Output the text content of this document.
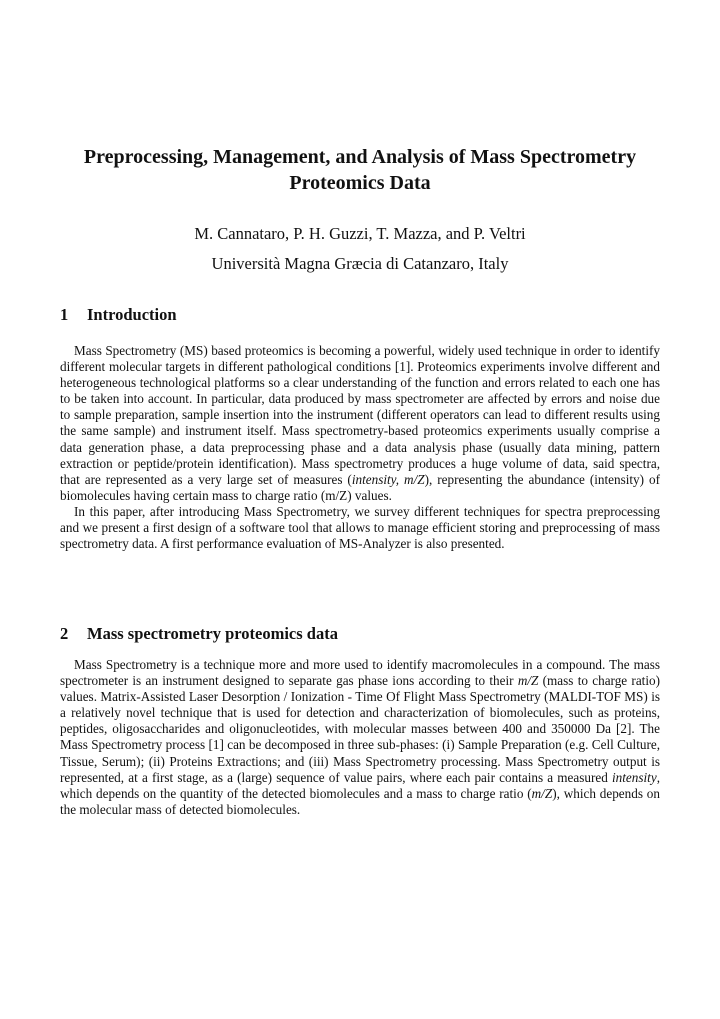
Preprocessing, Management, and Analysis of Mass Spectrometry
Proteomics Data

M. Cannataro, P. H. Guzzi, T. Mazza, and P. Veltri

Università Magna Græcia di Catanzaro, Italy

1 Introduction

Mass Spectrometry (MS) based proteomics is becoming a powerful, widely used technique in order to identify different molecular targets in different pathological conditions [1]. Proteomics experiments involve different and heterogeneous technological platforms so a clear understanding of the function and errors related to each one has to be taken into account. In particular, data produced by mass spectrometer are affected by errors and noise due to sample preparation, sample insertion into the instrument (different operators can lead to different results using the same sample) and instrument itself. Mass spectrometry-based proteomics experiments usually comprise a data generation phase, a data preprocessing phase and a data analysis phase (usually data mining, pattern extraction or peptide/protein identification). Mass spectrometry produces a huge volume of data, said spectra, that are represented as a very large set of measures (intensity, m/Z), representing the abundance (intensity) of biomolecules having certain mass to charge ratio (m/Z) values.

In this paper, after introducing Mass Spectrometry, we survey different techniques for spectra preprocessing and we present a first design of a software tool that allows to manage efficient storing and preprocessing of mass spectrometry data. A first performance evaluation of MS-Analyzer is also presented.

2 Mass spectrometry proteomics data

Mass Spectrometry is a technique more and more used to identify macromolecules in a compound. The mass spectrometer is an instrument designed to separate gas phase ions according to their m/Z (mass to charge ratio) values. Matrix-Assisted Laser Desorption / Ionization - Time Of Flight Mass Spectrometry (MALDI-TOF MS) is a relatively novel technique that is used for detection and characterization of biomolecules, such as proteins, peptides, oligosaccharides and oligonucleotides, with molecular masses between 400 and 350000 Da [2]. The Mass Spectrometry process [1] can be decomposed in three sub-phases: (i) Sample Preparation (e.g. Cell Culture, Tissue, Serum); (ii) Proteins Extractions; and (iii) Mass Spectrometry processing. Mass Spectrometry output is represented, at a first stage, as a (large) sequence of value pairs, where each pair contains a measured intensity, which depends on the quantity of the detected biomolecules and a mass to charge ratio (m/Z), which depends on the molecular mass of detected biomolecules.
